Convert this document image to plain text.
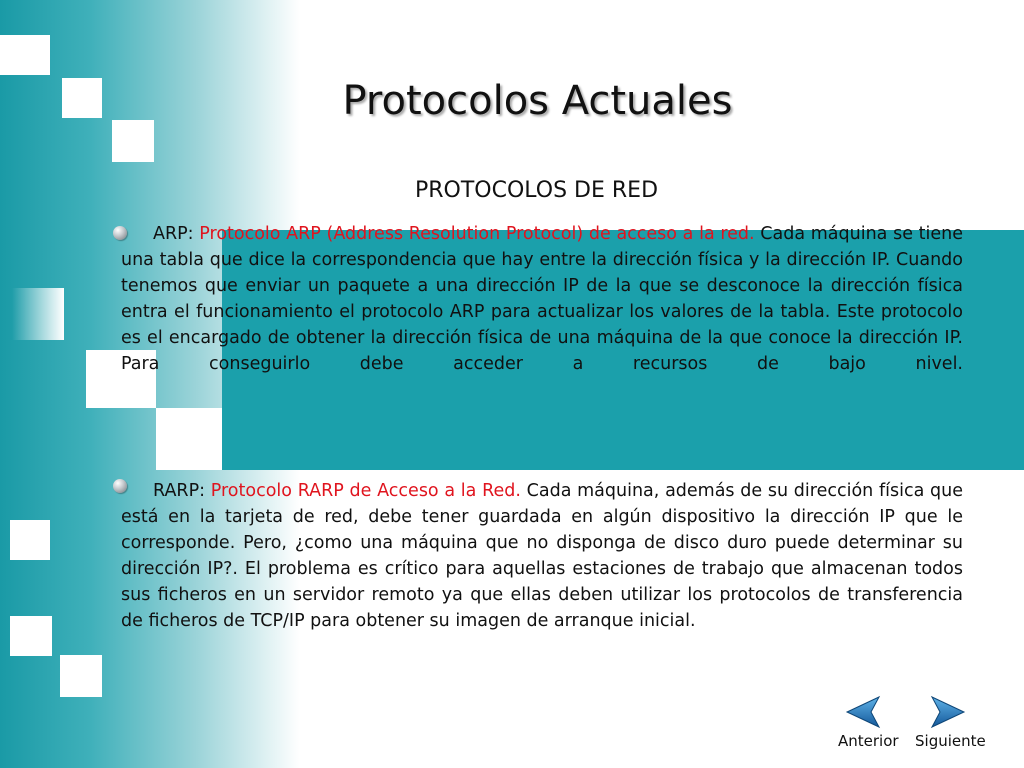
Protocolos Actuales
PROTOCOLOS DE RED

ARP: Protocolo ARP (Address Resolution Protocol) de acceso a la red. Cada máquina se tiene una tabla que dice la correspondencia que hay entre la dirección física y la dirección IP. Cuando tenemos que enviar un paquete a una dirección IP de la que se desconoce la dirección física entra el funcionamiento el protocolo ARP para actualizar los valores de la tabla. Este protocolo es el encargado de obtener la dirección física de una máquina de la que conoce la dirección IP. Para conseguirlo debe acceder a recursos de bajo nivel.

RARP: Protocolo RARP de Acceso a la Red. Cada máquina, además de su dirección física que está en la tarjeta de red, debe tener guardada en algún dispositivo la dirección IP que le corresponde. Pero, ¿como una máquina que no disponga de disco duro puede determinar su dirección IP?. El problema es crítico para aquellas estaciones de trabajo que almacenan todos sus ficheros en un servidor remoto ya que ellas deben utilizar los protocolos de transferencia de ficheros de TCP/IP para obtener su imagen de arranque inicial.

Anterior Siguiente
